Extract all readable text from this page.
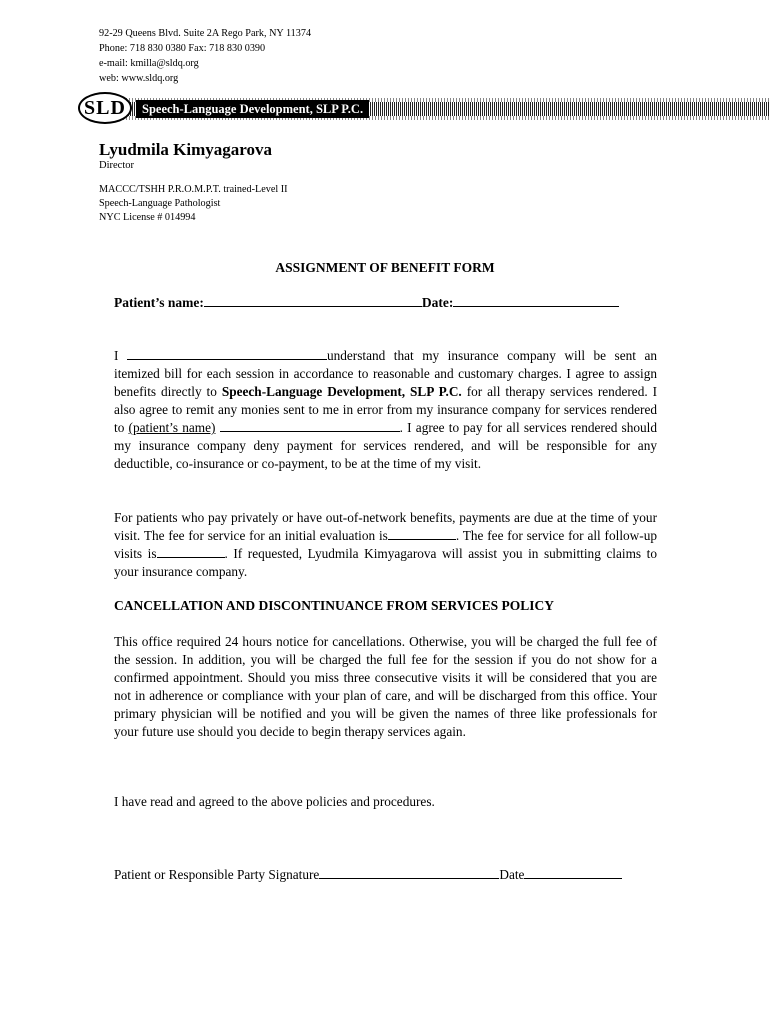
92-29 Queens Blvd. Suite 2A Rego Park, NY 11374
Phone: 718 830 0380 Fax: 718 830 0390
e-mail: kmilla@sldq.org
web: www.sldq.org
SLD	Speech-Language Development, SLP P.C.
Lyudmila Kimyagarova
Director
MACCC/TSHH P.R.O.M.P.T. trained-Level II
Speech-Language Pathologist
NYC License # 014994
ASSIGNMENT OF BENEFIT FORM
Patient’s name:	Date:
I	understand that my insurance company will be sent an itemized bill for each session in accordance to reasonable and customary charges. I agree to assign benefits directly to Speech-Language Development, SLP P.C. for all therapy services rendered. I also agree to remit any monies sent to me in error from my insurance company for services rendered to (patient’s name)	. I agree to pay for all services rendered should my insurance company deny payment for services rendered, and will be responsible for any deductible, co-insurance or co-payment, to be at the time of my visit.
For patients who pay privately or have out-of-network benefits, payments are due at the time of your visit. The fee for service for an initial evaluation is	. The fee for service for all follow-up visits is	. If requested, Lyudmila Kimyagarova will assist you in submitting claims to your insurance company.
CANCELLATION AND DISCONTINUANCE FROM SERVICES POLICY
This office required 24 hours notice for cancellations. Otherwise, you will be charged the full fee of the session. In addition, you will be charged the full fee for the session if you do not show for a confirmed appointment. Should you miss three consecutive visits it will be considered that you are not in adherence or compliance with your plan of care, and will be discharged from this office. Your primary physician will be notified and you will be given the names of three like professionals for your future use should you decide to begin therapy services again.
I have read and agreed to the above policies and procedures.
Patient or Responsible Party Signature	Date
